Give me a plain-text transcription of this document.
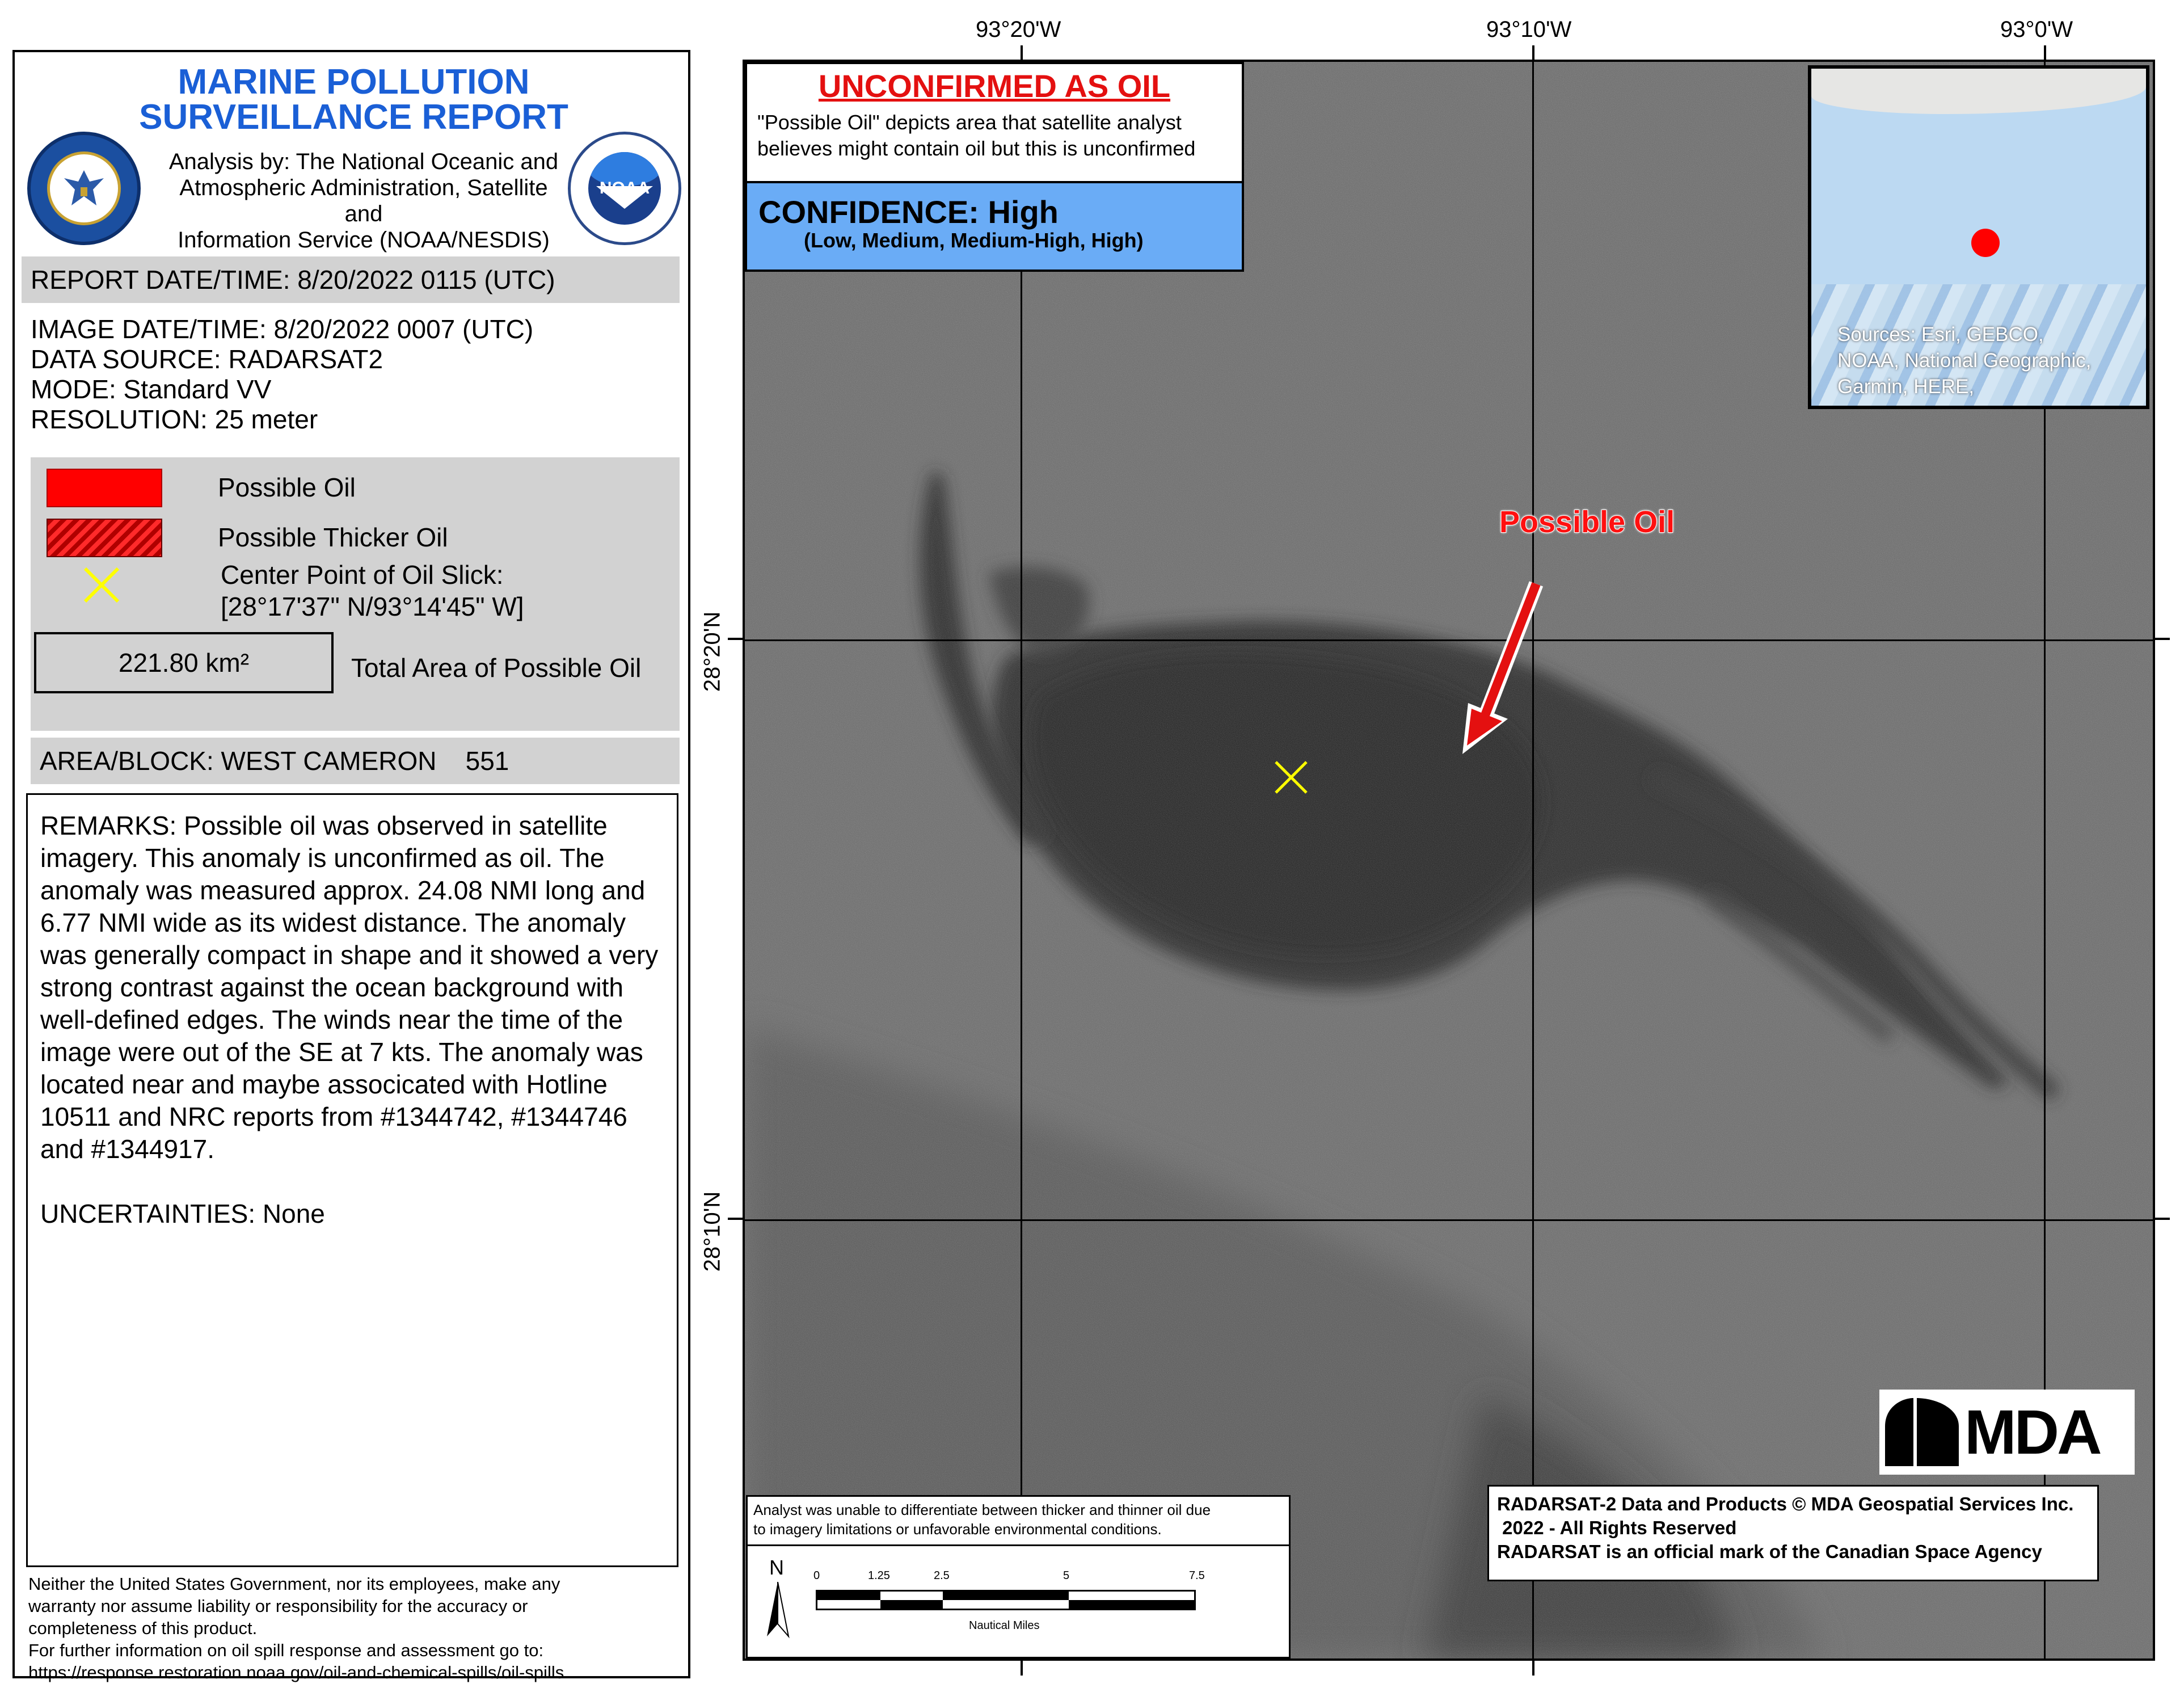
MARINE POLLUTION
SURVEILLANCE REPORT
Analysis by: The National Oceanic and
Atmospheric Administration, Satellite and
Information Service (NOAA/NESDIS)
NOAA
REPORT DATE/TIME: 8/20/2022 0115 (UTC)
IMAGE DATE/TIME: 8/20/2022 0007 (UTC)
DATA SOURCE: RADARSAT2
MODE: Standard VV
RESOLUTION: 25 meter
Possible Oil
Possible Thicker Oil
Center Point of Oil Slick:
[28°17'37" N/93°14'45" W]
221.80 km²	Total Area of Possible Oil
AREA/BLOCK: WEST CAMERON    551
REMARKS: Possible oil was observed in satellite imagery. This anomaly is unconfirmed as oil. The anomaly was measured approx. 24.08 NMI long and 6.77 NMI wide as its widest distance. The anomaly was generally compact in shape and it showed a very strong contrast against the ocean background with well-defined edges. The winds near the time of the image were out of the SE at 7 kts. The anomaly was located near and maybe associcated with Hotline 10511 and NRC reports from #1344742, #1344746 and #1344917.
UNCERTAINTIES: None
Neither the United States Government, nor its employees, make any
warranty nor assume liability or responsibility for the accuracy or
completeness of this product.
For further information on oil spill response and assessment go to:
https://response.restoration.noaa.gov/oil-and-chemical-spills/oil-spills
93°20'W	93°10'W	93°0'W
28°20'N
28°10'N
Possible Oil
UNCONFIRMED AS OIL
"Possible Oil" depicts area that satellite analyst
believes might contain oil but this is unconfirmed
CONFIDENCE: High
(Low, Medium, Medium-High, High)
Sources: Esri, GEBCO,
NOAA, National Geographic,
Garmin, HERE,
MDA
RADARSAT-2 Data and Products © MDA Geospatial Services Inc.
2022 - All Rights Reserved
RADARSAT is an official mark of the Canadian Space Agency
Analyst was unable to differentiate between thicker and thinner oil due
to imagery limitations or unfavorable environmental conditions.
N	0	1.25	2.5	5	7.5
Nautical Miles
